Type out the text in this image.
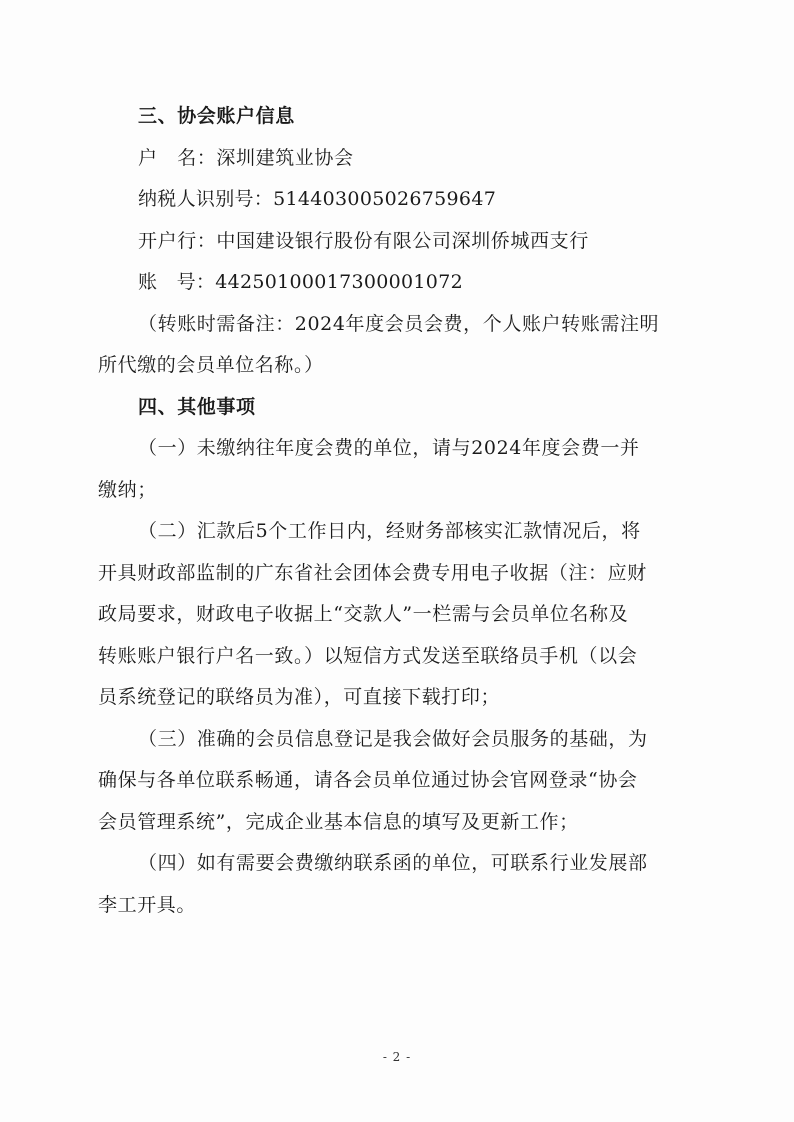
三、协会账户信息
户　名：深圳建筑业协会
纳税人识别号：514403005026759647
开户行：中国建设银行股份有限公司深圳侨城西支行
账　号：44250100017300001072
（转账时需备注：2024年度会员会费，个人账户转账需注明
所代缴的会员单位名称。）
四、其他事项
（一）未缴纳往年度会费的单位，请与2024年度会费一并
缴纳；
（二）汇款后5个工作日内，经财务部核实汇款情况后，将
开具财政部监制的广东省社会团体会费专用电子收据（注：应财
政局要求，财政电子收据上“交款人”一栏需与会员单位名称及
转账账户银行户名一致。）以短信方式发送至联络员手机（以会
员系统登记的联络员为准），可直接下载打印；
（三）准确的会员信息登记是我会做好会员服务的基础，为
确保与各单位联系畅通，请各会员单位通过协会官网登录“协会
会员管理系统”，完成企业基本信息的填写及更新工作；
（四）如有需要会费缴纳联系函的单位，可联系行业发展部
李工开具。
- 2 -
